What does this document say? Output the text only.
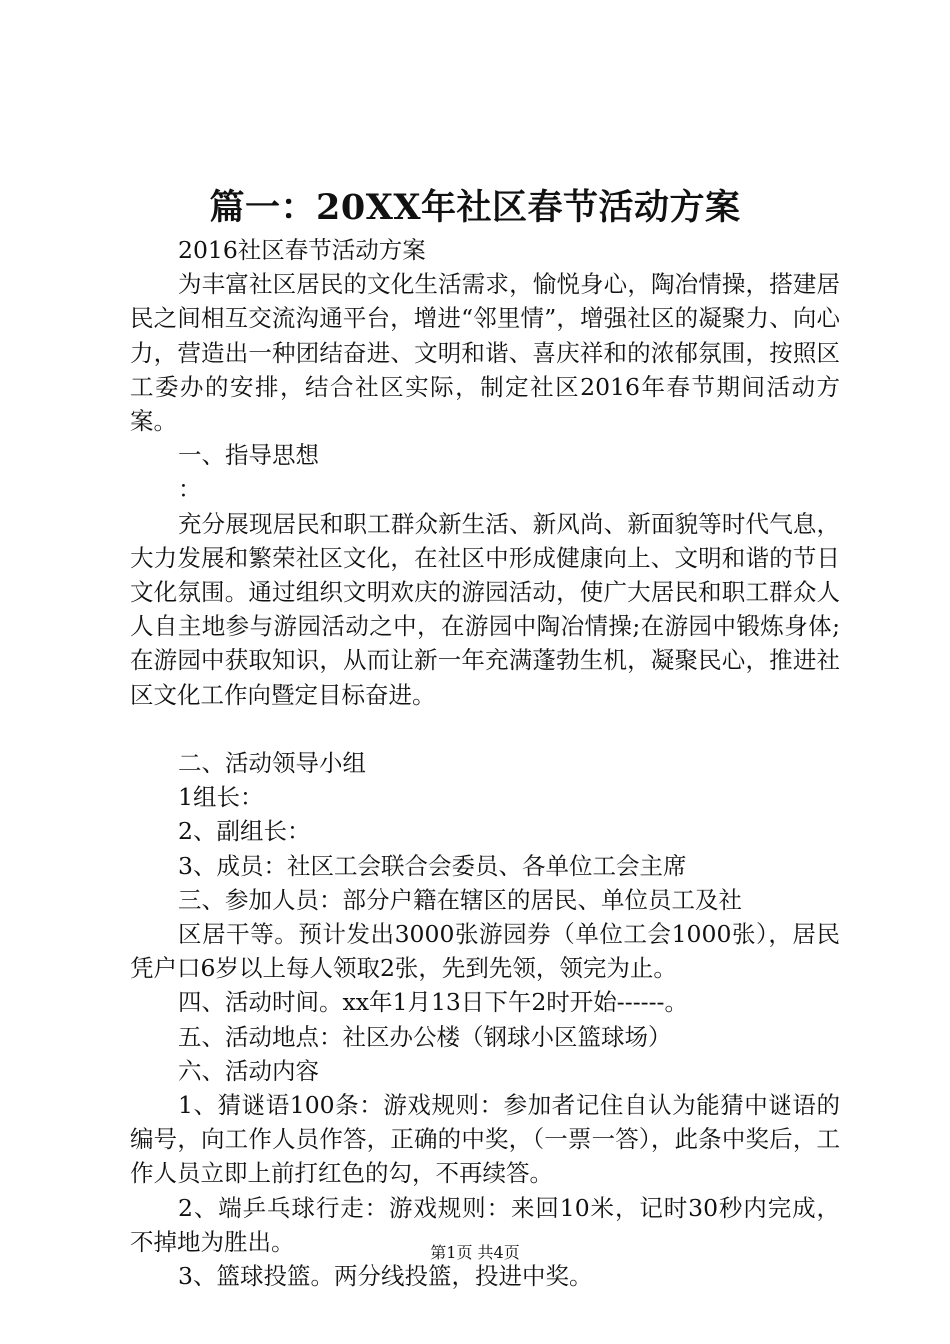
篇一：20XX年社区春节活动方案

2016社区春节活动方案

为丰富社区居民的文化生活需求，愉悦身心，陶冶情操，搭建居民之间相互交流沟通平台，增进“邻里情”，增强社区的凝聚力、向心力，营造出一种团结奋进、文明和谐、喜庆祥和的浓郁氛围，按照区工委办的安排，结合社区实际，制定社区2016年春节期间活动方案。

一、指导思想

：

充分展现居民和职工群众新生活、新风尚、新面貌等时代气息，大力发展和繁荣社区文化，在社区中形成健康向上、文明和谐的节日文化氛围。通过组织文明欢庆的游园活动，使广大居民和职工群众人人自主地参与游园活动之中，在游园中陶冶情操;在游园中锻炼身体;在游园中获取知识，从而让新一年充满蓬勃生机，凝聚民心，推进社区文化工作向暨定目标奋进。

二、活动领导小组

1组长：

2、副组长：

3、成员：社区工会联合会委员、各单位工会主席

三、参加人员：部分户籍在辖区的居民、单位员工及社

区居干等。预计发出3000张游园券（单位工会1000张），居民凭户口6岁以上每人领取2张，先到先领，领完为止。

四、活动时间。xx年1月13日下午2时开始------。

五、活动地点：社区办公楼（钢球小区篮球场）

六、活动内容

1、猜谜语100条：游戏规则：参加者记住自认为能猜中谜语的编号，向工作人员作答，正确的中奖，（一票一答），此条中奖后，工作人员立即上前打红色的勾，不再续答。

2、端乒乓球行走：游戏规则：来回10米，记时30秒内完成，不掉地为胜出。

3、篮球投篮。两分线投篮，投进中奖。

第1页 共4页
